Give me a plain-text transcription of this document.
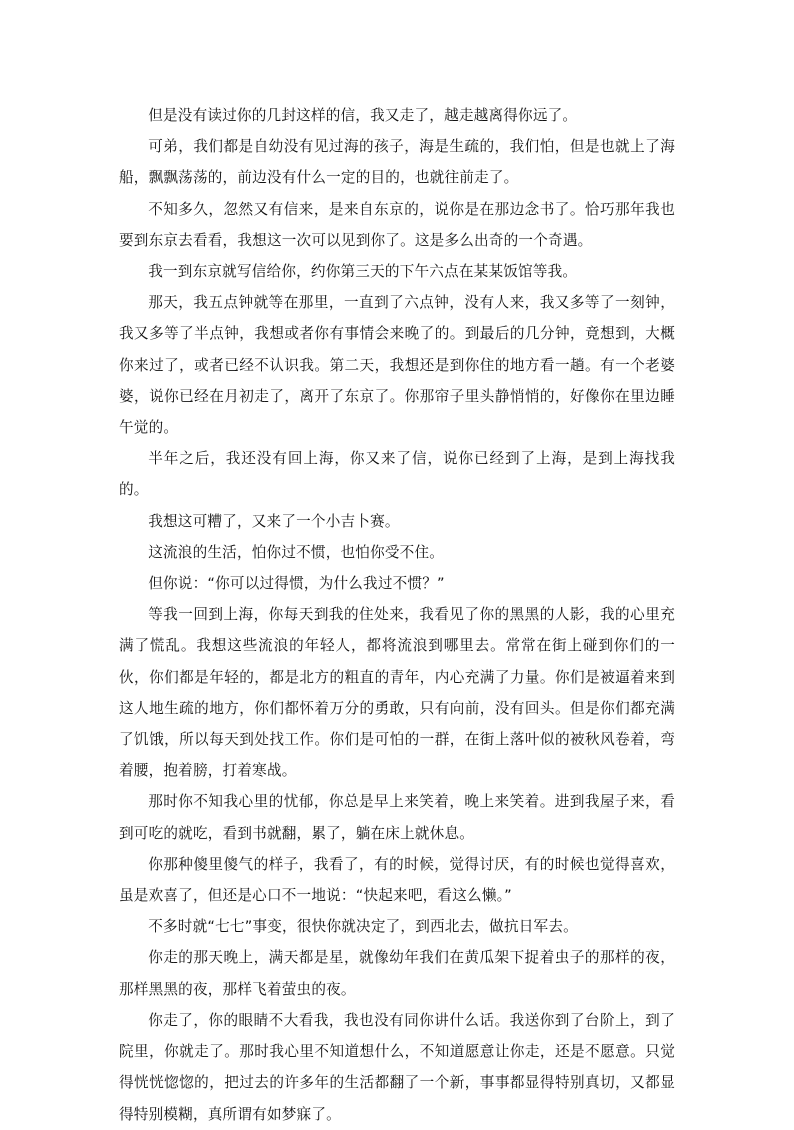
但是没有读过你的几封这样的信，我又走了，越走越离得你远了。

可弟，我们都是自幼没有见过海的孩子，海是生疏的，我们怕，但是也就上了海船，飘飘荡荡的，前边没有什么一定的目的，也就往前走了。

不知多久，忽然又有信来，是来自东京的，说你是在那边念书了。恰巧那年我也要到东京去看看，我想这一次可以见到你了。这是多么出奇的一个奇遇。

我一到东京就写信给你，约你第三天的下午六点在某某饭馆等我。

那天，我五点钟就等在那里，一直到了六点钟，没有人来，我又多等了一刻钟，我又多等了半点钟，我想或者你有事情会来晚了的。到最后的几分钟，竟想到，大概你来过了，或者已经不认识我。第二天，我想还是到你住的地方看一趟。有一个老婆婆，说你已经在月初走了，离开了东京了。你那帘子里头静悄悄的，好像你在里边睡午觉的。

半年之后，我还没有回上海，你又来了信，说你已经到了上海，是到上海找我的。

我想这可糟了，又来了一个小吉卜赛。

这流浪的生活，怕你过不惯，也怕你受不住。

但你说：“你可以过得惯，为什么我过不惯？”

等我一回到上海，你每天到我的住处来，我看见了你的黑黑的人影，我的心里充满了慌乱。我想这些流浪的年轻人，都将流浪到哪里去。常常在街上碰到你们的一伙，你们都是年轻的，都是北方的粗直的青年，内心充满了力量。你们是被逼着来到这人地生疏的地方，你们都怀着万分的勇敢，只有向前，没有回头。但是你们都充满了饥饿，所以每天到处找工作。你们是可怕的一群，在街上落叶似的被秋风卷着，弯着腰，抱着膀，打着寒战。

那时你不知我心里的忧郁，你总是早上来笑着，晚上来笑着。进到我屋子来，看到可吃的就吃，看到书就翻，累了，躺在床上就休息。

你那种傻里傻气的样子，我看了，有的时候，觉得讨厌，有的时候也觉得喜欢，虽是欢喜了，但还是心口不一地说：“快起来吧，看这么懒。”

不多时就“七七”事变，很快你就决定了，到西北去，做抗日军去。

你走的那天晚上，满天都是星，就像幼年我们在黄瓜架下捉着虫子的那样的夜，那样黑黑的夜，那样飞着萤虫的夜。

你走了，你的眼睛不大看我，我也没有同你讲什么话。我送你到了台阶上，到了院里，你就走了。那时我心里不知道想什么，不知道愿意让你走，还是不愿意。只觉得恍恍惚惚的，把过去的许多年的生活都翻了一个新，事事都显得特别真切，又都显得特别模糊，真所谓有如梦寐了。
